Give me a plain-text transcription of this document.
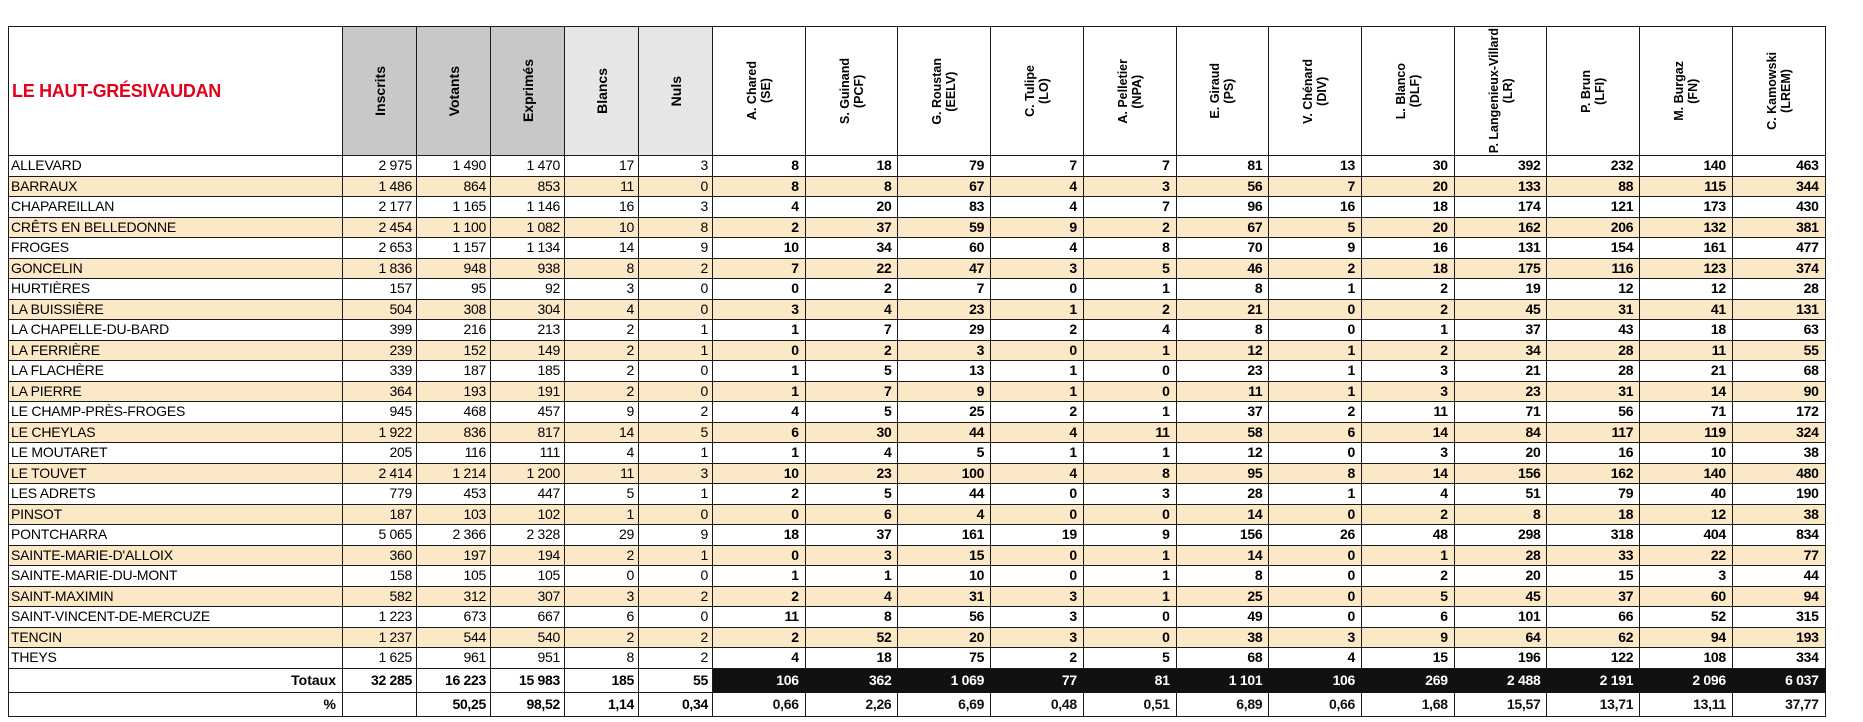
LE HAUT-GRÉSIVAUDAN	Inscrits	Votants	Exprimés	Blancs	Nuls	A. Chared (SE)	S. Guinand (PCF)	G. Roustan (EELV)	C. Tulipe (LO)	A. Pelletier (NPA)	E. Giraud (PS)	V. Chénard (DIV)	L. Blanco (DLF)	P. Langenieux-Villard (LR)	P. Brun (LFI)	M. Burgaz (FN)	C. Kamowski (LREM)

ALLEVARD	2 975	1 490	1 470	17	3	8	18	79	7	7	81	13	30	392	232	140	463
BARRAUX	1 486	864	853	11	0	8	8	67	4	3	56	7	20	133	88	115	344
CHAPAREILLAN	2 177	1 165	1 146	16	3	4	20	83	4	7	96	16	18	174	121	173	430
CRÊTS EN BELLEDONNE	2 454	1 100	1 082	10	8	2	37	59	9	2	67	5	20	162	206	132	381
FROGES	2 653	1 157	1 134	14	9	10	34	60	4	8	70	9	16	131	154	161	477
GONCELIN	1 836	948	938	8	2	7	22	47	3	5	46	2	18	175	116	123	374
HURTIÈRES	157	95	92	3	0	0	2	7	0	1	8	1	2	19	12	12	28
LA BUISSIÈRE	504	308	304	4	0	3	4	23	1	2	21	0	2	45	31	41	131
LA CHAPELLE-DU-BARD	399	216	213	2	1	1	7	29	2	4	8	0	1	37	43	18	63
LA FERRIÈRE	239	152	149	2	1	0	2	3	0	1	12	1	2	34	28	11	55
LA FLACHÈRE	339	187	185	2	0	1	5	13	1	0	23	1	3	21	28	21	68
LA PIERRE	364	193	191	2	0	1	7	9	1	0	11	1	3	23	31	14	90
LE CHAMP-PRÈS-FROGES	945	468	457	9	2	4	5	25	2	1	37	2	11	71	56	71	172
LE CHEYLAS	1 922	836	817	14	5	6	30	44	4	11	58	6	14	84	117	119	324
LE MOUTARET	205	116	111	4	1	1	4	5	1	1	12	0	3	20	16	10	38
LE TOUVET	2 414	1 214	1 200	11	3	10	23	100	4	8	95	8	14	156	162	140	480
LES ADRETS	779	453	447	5	1	2	5	44	0	3	28	1	4	51	79	40	190
PINSOT	187	103	102	1	0	0	6	4	0	0	14	0	2	8	18	12	38
PONTCHARRA	5 065	2 366	2 328	29	9	18	37	161	19	9	156	26	48	298	318	404	834
SAINTE-MARIE-D'ALLOIX	360	197	194	2	1	0	3	15	0	1	14	0	1	28	33	22	77
SAINTE-MARIE-DU-MONT	158	105	105	0	0	1	1	10	0	1	8	0	2	20	15	3	44
SAINT-MAXIMIN	582	312	307	3	2	2	4	31	3	1	25	0	5	45	37	60	94
SAINT-VINCENT-DE-MERCUZE	1 223	673	667	6	0	11	8	56	3	0	49	0	6	101	66	52	315
TENCIN	1 237	544	540	2	2	2	52	20	3	0	38	3	9	64	62	94	193
THEYS	1 625	961	951	8	2	4	18	75	2	5	68	4	15	196	122	108	334
Totaux	32 285	16 223	15 983	185	55	106	362	1 069	77	81	1 101	106	269	2 488	2 191	2 096	6 037
%		50,25	98,52	1,14	0,34	0,66	2,26	6,69	0,48	0,51	6,89	0,66	1,68	15,57	13,71	13,11	37,77
